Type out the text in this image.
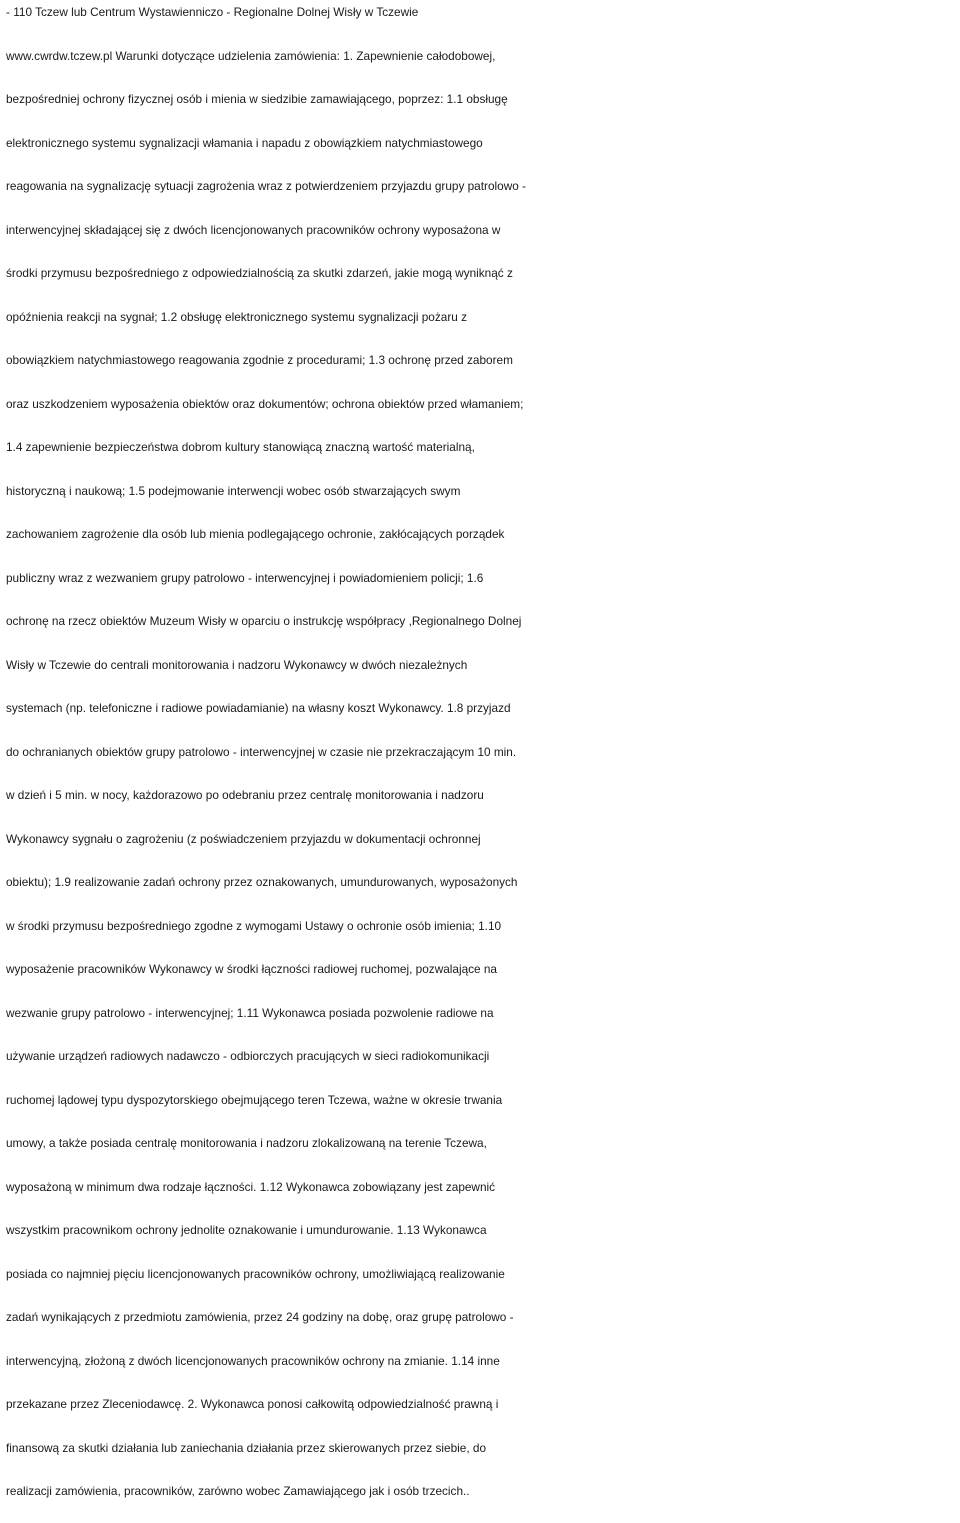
- 110 Tczew lub Centrum Wystawienniczo - Regionalne Dolnej Wisły w Tczewie
www.cwrdw.tczew.pl Warunki dotyczące udzielenia zamówienia: 1. Zapewnienie całodobowej,
bezpośredniej ochrony fizycznej osób i mienia w siedzibie zamawiającego, poprzez: 1.1 obsługę
elektronicznego systemu sygnalizacji włamania i napadu z obowiązkiem natychmiastowego
reagowania na sygnalizację sytuacji zagrożenia wraz z potwierdzeniem przyjazdu grupy patrolowo -
interwencyjnej składającej się z dwóch licencjonowanych pracowników ochrony wyposażona w
środki przymusu bezpośredniego z odpowiedzialnością za skutki zdarzeń, jakie mogą wyniknąć z
opóźnienia reakcji na sygnał; 1.2 obsługę elektronicznego systemu sygnalizacji pożaru z
obowiązkiem natychmiastowego reagowania zgodnie z procedurami; 1.3 ochronę przed zaborem
oraz uszkodzeniem wyposażenia obiektów oraz dokumentów; ochrona obiektów przed włamaniem;
1.4 zapewnienie bezpieczeństwa dobrom kultury stanowiącą znaczną wartość materialną,
historyczną i naukową; 1.5 podejmowanie interwencji wobec osób stwarzających swym
zachowaniem zagrożenie dla osób lub mienia podlegającego ochronie, zakłócających porządek
publiczny wraz z wezwaniem grupy patrolowo - interwencyjnej i powiadomieniem policji; 1.6
ochronę na rzecz obiektów Muzeum Wisły w oparciu o instrukcję współpracy ,Regionalnego Dolnej
Wisły w Tczewie do centrali monitorowania i nadzoru Wykonawcy w dwóch niezależnych
systemach (np. telefoniczne i radiowe powiadamianie) na własny koszt Wykonawcy. 1.8 przyjazd
do ochranianych obiektów grupy patrolowo - interwencyjnej w czasie nie przekraczającym 10 min.
w dzień i 5 min. w nocy, każdorazowo po odebraniu przez centralę monitorowania i nadzoru
Wykonawcy sygnału o zagrożeniu (z poświadczeniem przyjazdu w dokumentacji ochronnej
obiektu); 1.9 realizowanie zadań ochrony przez oznakowanych, umundurowanych, wyposażonych
w środki przymusu bezpośredniego zgodne z wymogami Ustawy o ochronie osób imienia; 1.10
wyposażenie pracowników Wykonawcy w środki łączności radiowej ruchomej, pozwalające na
wezwanie grupy patrolowo - interwencyjnej; 1.11 Wykonawca posiada pozwolenie radiowe na
używanie urządzeń radiowych nadawczo - odbiorczych pracujących w sieci radiokomunikacji
ruchomej lądowej typu dyspozytorskiego obejmującego teren Tczewa, ważne w okresie trwania
umowy, a także posiada centralę monitorowania i nadzoru zlokalizowaną na terenie Tczewa,
wyposażoną w minimum dwa rodzaje łączności. 1.12 Wykonawca zobowiązany jest zapewnić
wszystkim pracownikom ochrony jednolite oznakowanie i umundurowanie. 1.13 Wykonawca
posiada co najmniej pięciu licencjonowanych pracowników ochrony, umożliwiającą realizowanie
zadań wynikających z przedmiotu zamówienia, przez 24 godziny na dobę, oraz grupę patrolowo -
interwencyjną, złożoną z dwóch licencjonowanych pracowników ochrony na zmianie. 1.14 inne
przekazane przez Zleceniodawcę. 2. Wykonawca ponosi całkowitą odpowiedzialność prawną i
finansową za skutki działania lub zaniechania działania przez skierowanych przez siebie, do
realizacji zamówienia, pracowników, zarówno wobec Zamawiającego jak i osób trzecich..
